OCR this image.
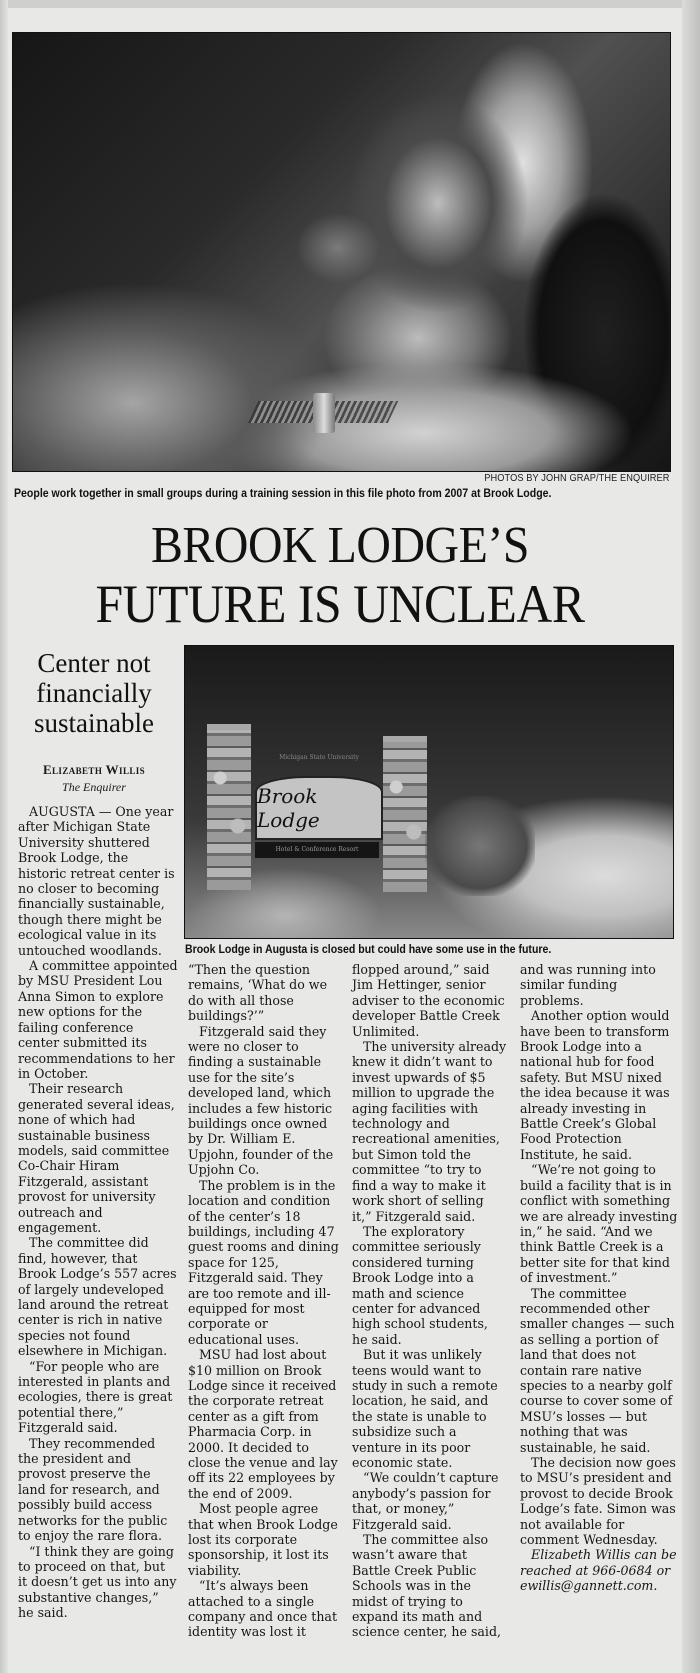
PHOTOS BY JOHN GRAP/THE ENQUIRER
People work together in small groups during a training session in this file photo from 2007 at Brook Lodge.
BROOK LODGE’S
FUTURE IS UNCLEAR
Center not financially sustainable
Elizabeth Willis
The Enquirer
Michigan State University
Brook Lodge
Hotel & Conference Resort
Brook Lodge in Augusta is closed but could have some use in the future.

AUGUSTA — One year after Michigan State University shuttered Brook Lodge, the historic retreat center is no closer to becoming financially sustainable, though there might be ecological value in its untouched woodlands.

A committee appointed by MSU President Lou Anna Simon to explore new options for the failing conference center submitted its recommendations to her in October.

Their research generated several ideas, none of which had sustainable business models, said committee Co-Chair Hiram Fitzgerald, assistant provost for university outreach and engagement.

The committee did find, however, that Brook Lodge’s 557 acres of largely undeveloped land around the retreat center is rich in native species not found elsewhere in Michigan.

“For people who are interested in plants and ecologies, there is great potential there,” Fitzgerald said.

They recommended the president and provost preserve the land for research, and possibly build access networks for the public to enjoy the rare flora.

“I think they are going to proceed on that, but it doesn’t get us into any substantive changes,” he said.

“Then the question remains, ‘What do we do with all those buildings?’”

Fitzgerald said they were no closer to finding a sustainable use for the site’s developed land, which includes a few historic buildings once owned by Dr. William E. Upjohn, founder of the Upjohn Co.

The problem is in the location and condition of the center’s 18 buildings, including 47 guest rooms and dining space for 125, Fitzgerald said. They are too remote and ill-equipped for most corporate or educational uses.

MSU had lost about $10 million on Brook Lodge since it received the corporate retreat center as a gift from Pharmacia Corp. in 2000. It decided to close the venue and lay off its 22 employees by the end of 2009.

Most people agree that when Brook Lodge lost its corporate sponsorship, it lost its viability.

“It’s always been attached to a single company and once that identity was lost it

flopped around,” said Jim Hettinger, senior adviser to the economic developer Battle Creek Unlimited.

The university already knew it didn’t want to invest upwards of $5 million to upgrade the aging facilities with technology and recreational amenities, but Simon told the committee “to try to find a way to make it work short of selling it,” Fitzgerald said.

The exploratory committee seriously considered turning Brook Lodge into a math and science center for advanced high school students, he said.

But it was unlikely teens would want to study in such a remote location, he said, and the state is unable to subsidize such a venture in its poor economic state.

“We couldn’t capture anybody’s passion for that, or money,” Fitzgerald said.

The committee also wasn’t aware that Battle Creek Public Schools was in the midst of trying to expand its math and science center, he said,

and was running into similar funding problems.

Another option would have been to transform Brook Lodge into a national hub for food safety. But MSU nixed the idea because it was already investing in Battle Creek’s Global Food Protection Institute, he said.

“We’re not going to build a facility that is in conflict with something we are already investing in,” he said. “And we think Battle Creek is a better site for that kind of investment.”

The committee recommended other smaller changes — such as selling a portion of land that does not contain rare native species to a nearby golf course to cover some of MSU’s losses — but nothing that was sustainable, he said.

The decision now goes to MSU’s president and provost to decide Brook Lodge’s fate. Simon was not available for comment Wednesday.

Elizabeth Willis can be reached at 966-0684 or ewillis@gannett.com.
